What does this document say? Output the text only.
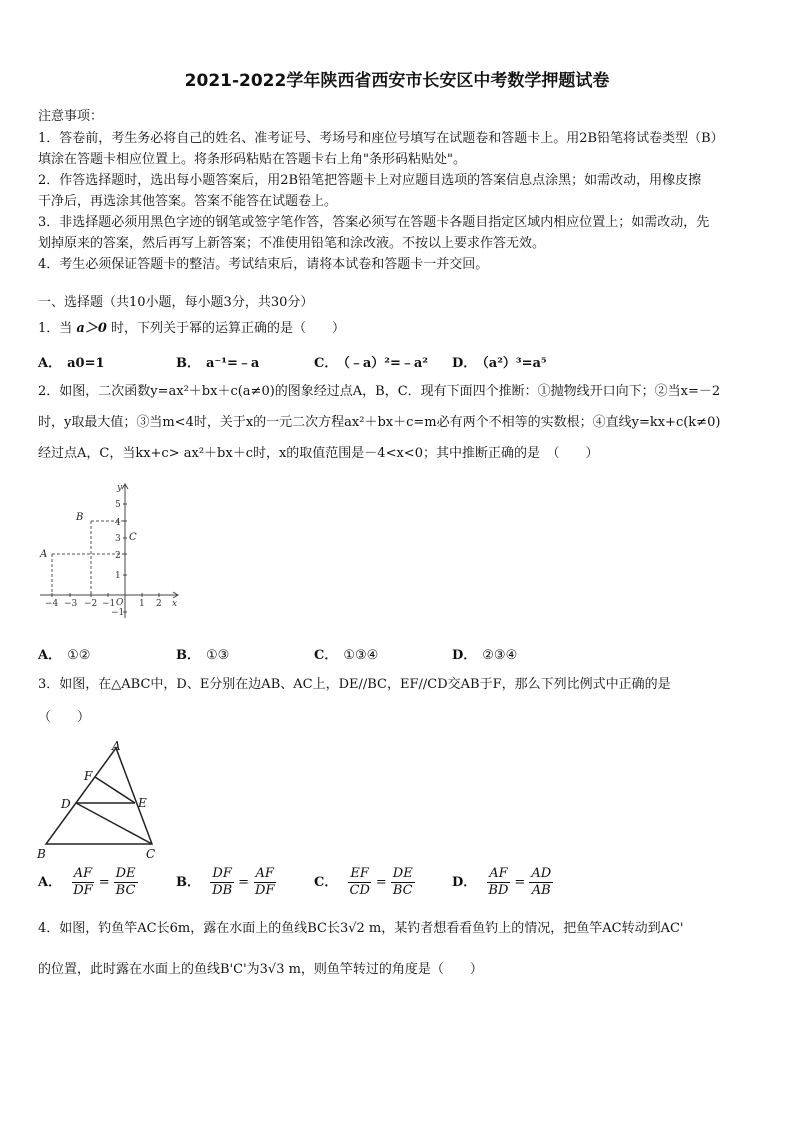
2021-2022学年陕西省西安市长安区中考数学押题试卷
注意事项：
1．答卷前，考生务必将自己的姓名、准考证号、考场号和座位号填写在试题卷和答题卡上。用2B铅笔将试卷类型（B）
填涂在答题卡相应位置上。将条形码粘贴在答题卡右上角"条形码粘贴处"。
2．作答选择题时，选出每小题答案后，用2B铅笔把答题卡上对应题目选项的答案信息点涂黑；如需改动，用橡皮擦
干净后，再选涂其他答案。答案不能答在试题卷上。
3．非选择题必须用黑色字迹的钢笔或签字笔作答，答案必须写在答题卡各题目指定区域内相应位置上；如需改动，先
划掉原来的答案，然后再写上新答案；不准使用铅笔和涂改液。不按以上要求作答无效。
4．考生必须保证答题卡的整洁。考试结束后，请将本试卷和答题卡一并交回。
一、选择题（共10小题，每小题3分，共30分）
1．当 a＞0 时，下列关于幂的运算正确的是（　　）
A． a0=1	B． a⁻¹=﹣a	C． （﹣a）²=﹣a² D． （a²）³=a⁵
2．如图，二次函数y=ax²＋bx＋c(a≠0)的图象经过点A，B，C．现有下面四个推断：①抛物线开口向下；②当x=－2
时，y取最大值；③当m<4时，关于x的一元二次方程ax²＋bx＋c=m必有两个不相等的实数根；④直线y=kx+c(k≠0)
经过点A，C，当kx+c> ax²＋bx＋c时，x的取值范围是－4<x<0；其中推断正确的是　（　　）
y
x
O
−4 −3 −2 −1	1 2
5
4
3
2
1
−1
A
B
C
A． ①②	B． ①③	C． ①③④	D． ②③④
3．如图，在△ABC中，D、E分别在边AB、AC上，DE//BC，EF//CD交AB于F，那么下列比例式中正确的是
（　　）
A
F
D	E
B	C
A． $\frac{AF}{DF} = \frac{DE}{BC}$	B． $\frac{DF}{DB} = \frac{AF}{DF}$	C． $\frac{EF}{CD} = \frac{DE}{BC}$	D． $\frac{AF}{BD} = \frac{AD}{AB}$
4．如图，钓鱼竿AC长6m，露在水面上的鱼线BC长3√2 m，某钓者想看看鱼钓上的情况，把鱼竿AC转动到AC'
的位置，此时露在水面上的鱼线B'C'为3√3 m，则鱼竿转过的角度是（　　）
